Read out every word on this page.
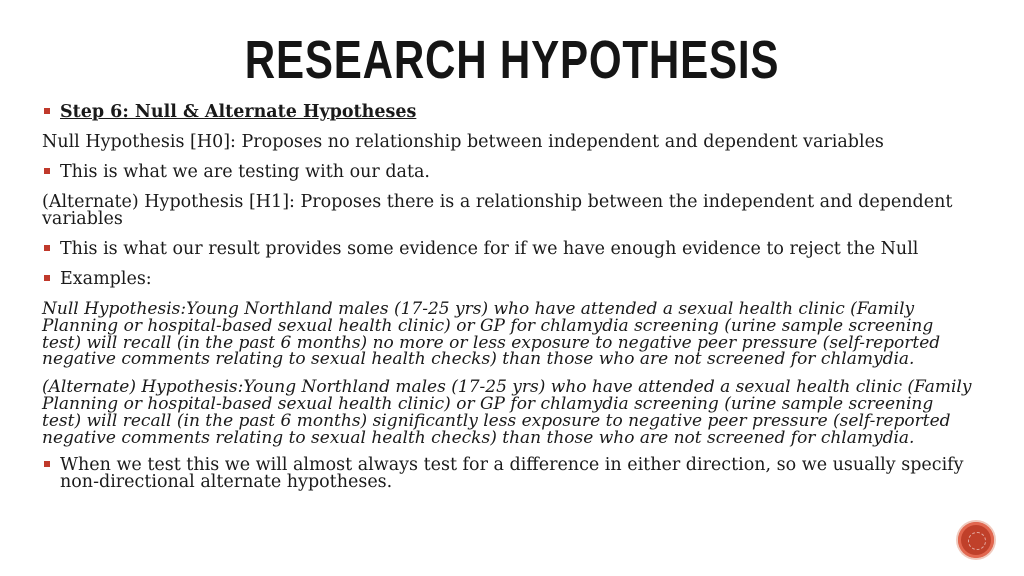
RESEARCH HYPOTHESIS
Step 6: Null & Alternate Hypotheses

Null Hypothesis [H0]: Proposes no relationship between independent and dependent variables

This is what we are testing with our data.

(Alternate) Hypothesis [H1]: Proposes there is a relationship between the independent and dependent variables

This is what our result provides some evidence for if we have enough evidence to reject the Null
Examples:

Null Hypothesis:Young Northland males (17-25 yrs) who have attended a sexual health clinic (Family Planning or hospital-based sexual health clinic) or GP for chlamydia screening (urine sample screening test) will recall (in the past 6 months) no more or less exposure to negative peer pressure (self-reported negative comments relating to sexual health checks) than those who are not screened for chlamydia.

(Alternate) Hypothesis:Young Northland males (17-25 yrs) who have attended a sexual health clinic (Family Planning or hospital-based sexual health clinic) or GP for chlamydia screening (urine sample screening test) will recall (in the past 6 months) significantly less exposure to negative peer pressure (self-reported negative comments relating to sexual health checks) than those who are not screened for chlamydia.

When we test this we will almost always test for a difference in either direction, so we usually specify non-directional alternate hypotheses.
